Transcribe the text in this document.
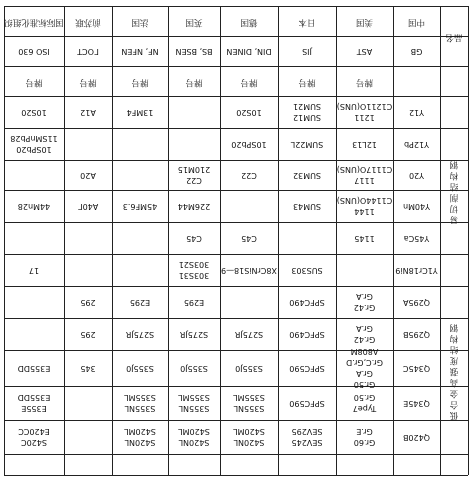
中国
美国
日本
德国
英国
法国
前苏联
国际标准化组织
品名
GB
AST
JIS
DIN, DINEN
BS, BSEN
NF, NFEN
ГОСТ
ISO 630
牌号
牌号
牌号
牌号
牌号
牌号
牌号
Y12
1211
C1211O(UNS)
SUM12
SUM21
10S20
13MF4
A12
10S20
Y12Pb
12L13
SUM22L
10SPb20
10SPb20
11SMnPb28
Y20
1117
C1117O(UNS)
SUM32
C22
C22
210M15
A20
Y40Mn
1144
C1144O(UNS)
SUM43
226M44
45MF6.3
A40Г
44Mn28
Y45Ca
1145
C45
C45
Y1Cr18Ni9
SUS303
X8CrNiS18—9
303S31
303S21
17
Q295A
Gr.42
Gr.A
SPFC490
E295
E295
295
Q295B
Gr.42
Gr.A
SPFC490
S275JR
S275JR
S275JR
295
Q345C
Gr.50
Gr.A
Gr.C,Gr.D
A808M
SPFC590
S355J0
S355J0
S355J0
345
E355DD
Q345E
Type7
Gr.50
SPFC590
S355NL
S355ML
S355NL
S355ML
S355NL
S355ML
E355E
E355DD
Q420B
Gr.60
Gr.E
SEV245
SEV295
S420NL
S420ML
S420NL
S420ML
S420NL
S420ML
S420C
E420CC
易
切
削
结
构
钢
低
合
金
高
强
度
结
构
钢
